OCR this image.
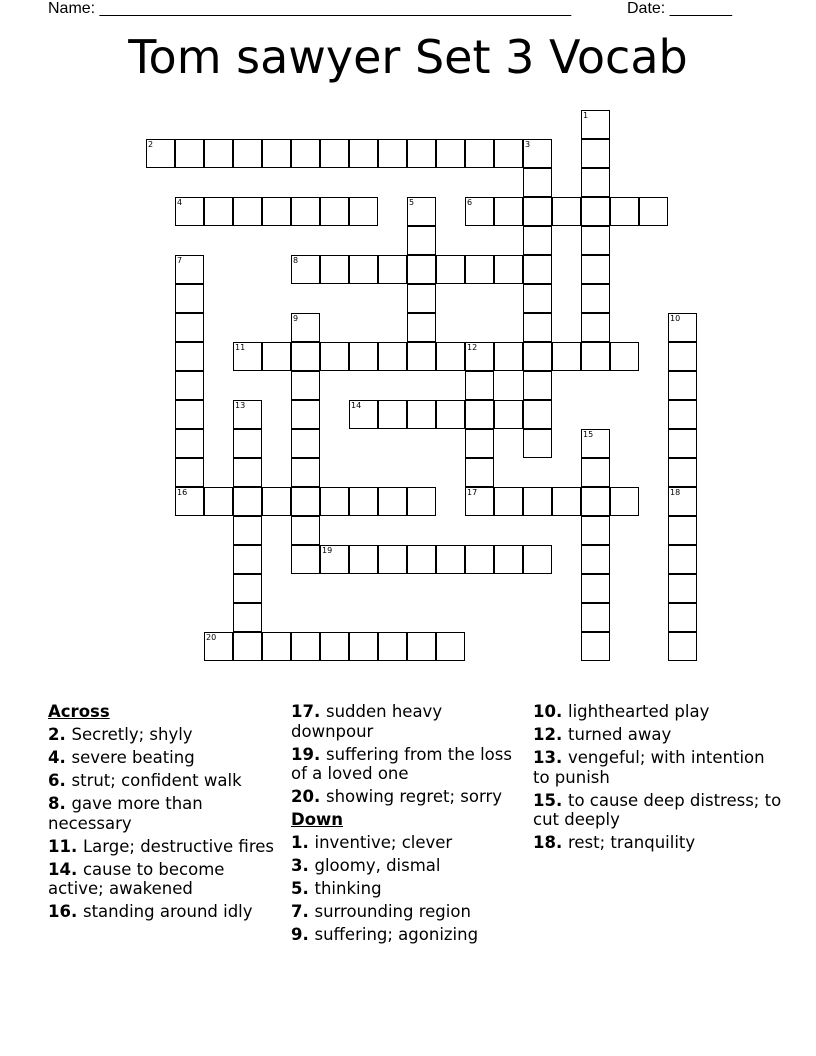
Name: _____________________________________________________	Date: _______
Tom sawyer Set 3 Vocab
1
2	3
4	5	6
7	8
9	10
11	12
17
13	14
15
16	18
19
20
Across
2. Secretly; shyly
4. severe beating
6. strut; confident walk
8. gave more than necessary
11. Large; destructive fires
14. cause to become active; awakened
16. standing around idly
17. sudden heavy downpour
19. suffering from the loss of a loved one
20. showing regret; sorry
Down
1. inventive; clever
3. gloomy, dismal
5. thinking
7. surrounding region
9. suffering; agonizing
10. lighthearted play
12. turned away
13. vengeful; with intention to punish
15. to cause deep distress; to cut deeply
18. rest; tranquility
